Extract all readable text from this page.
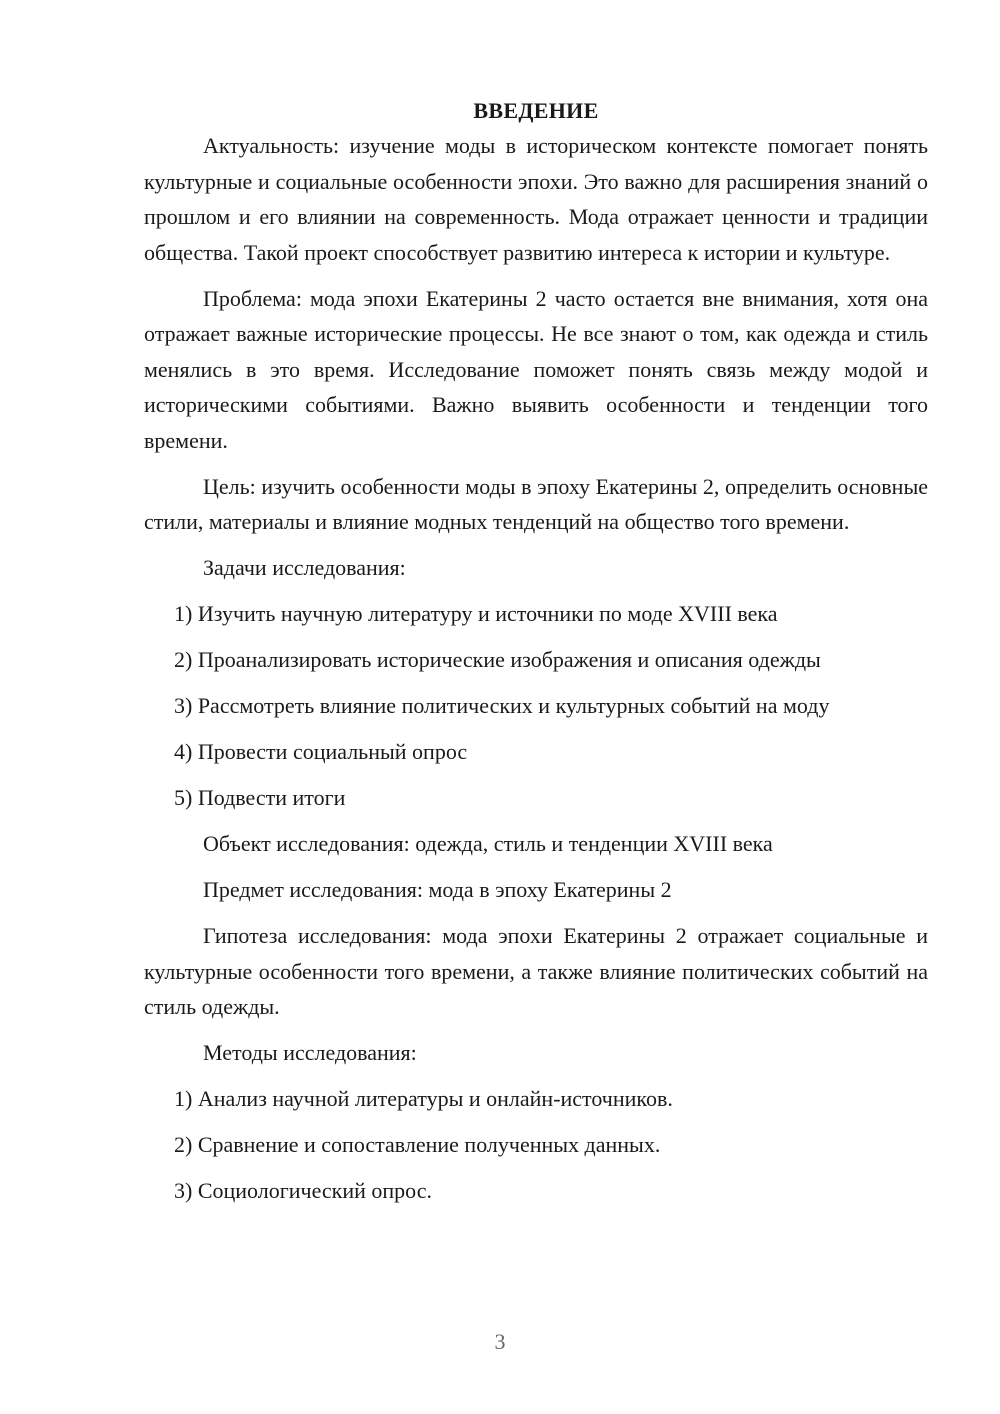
ВВЕДЕНИЕ

Актуальность: изучение моды в историческом контексте помогает понять культурные и социальные особенности эпохи. Это важно для расширения знаний о прошлом и его влиянии на современность. Мода отражает ценности и традиции общества. Такой проект способствует развитию интереса к истории и культуре.

Проблема: мода эпохи Екатерины 2 часто остается вне внимания, хотя она отражает важные исторические процессы. Не все знают о том, как одежда и стиль менялись в это время. Исследование поможет понять связь между модой и историческими событиями. Важно выявить особенности и тенденции того времени.

Цель: изучить особенности моды в эпоху Екатерины 2, определить основные стили, материалы и влияние модных тенденций на общество того времени.

Задачи исследования:
1) Изучить научную литературу и источники по моде XVIII века
2) Проанализировать исторические изображения и описания одежды
3) Рассмотреть влияние политических и культурных событий на моду
4) Провести социальный опрос
5) Подвести итоги
Объект исследования: одежда, стиль и тенденции XVIII века
Предмет исследования: мода в эпоху Екатерины 2

Гипотеза исследования: мода эпохи Екатерины 2 отражает социальные и культурные особенности того времени, а также влияние политических событий на стиль одежды.

Методы исследования:
1) Анализ научной литературы и онлайн-источников.
2) Сравнение и сопоставление полученных данных.
3) Социологический опрос.
3
